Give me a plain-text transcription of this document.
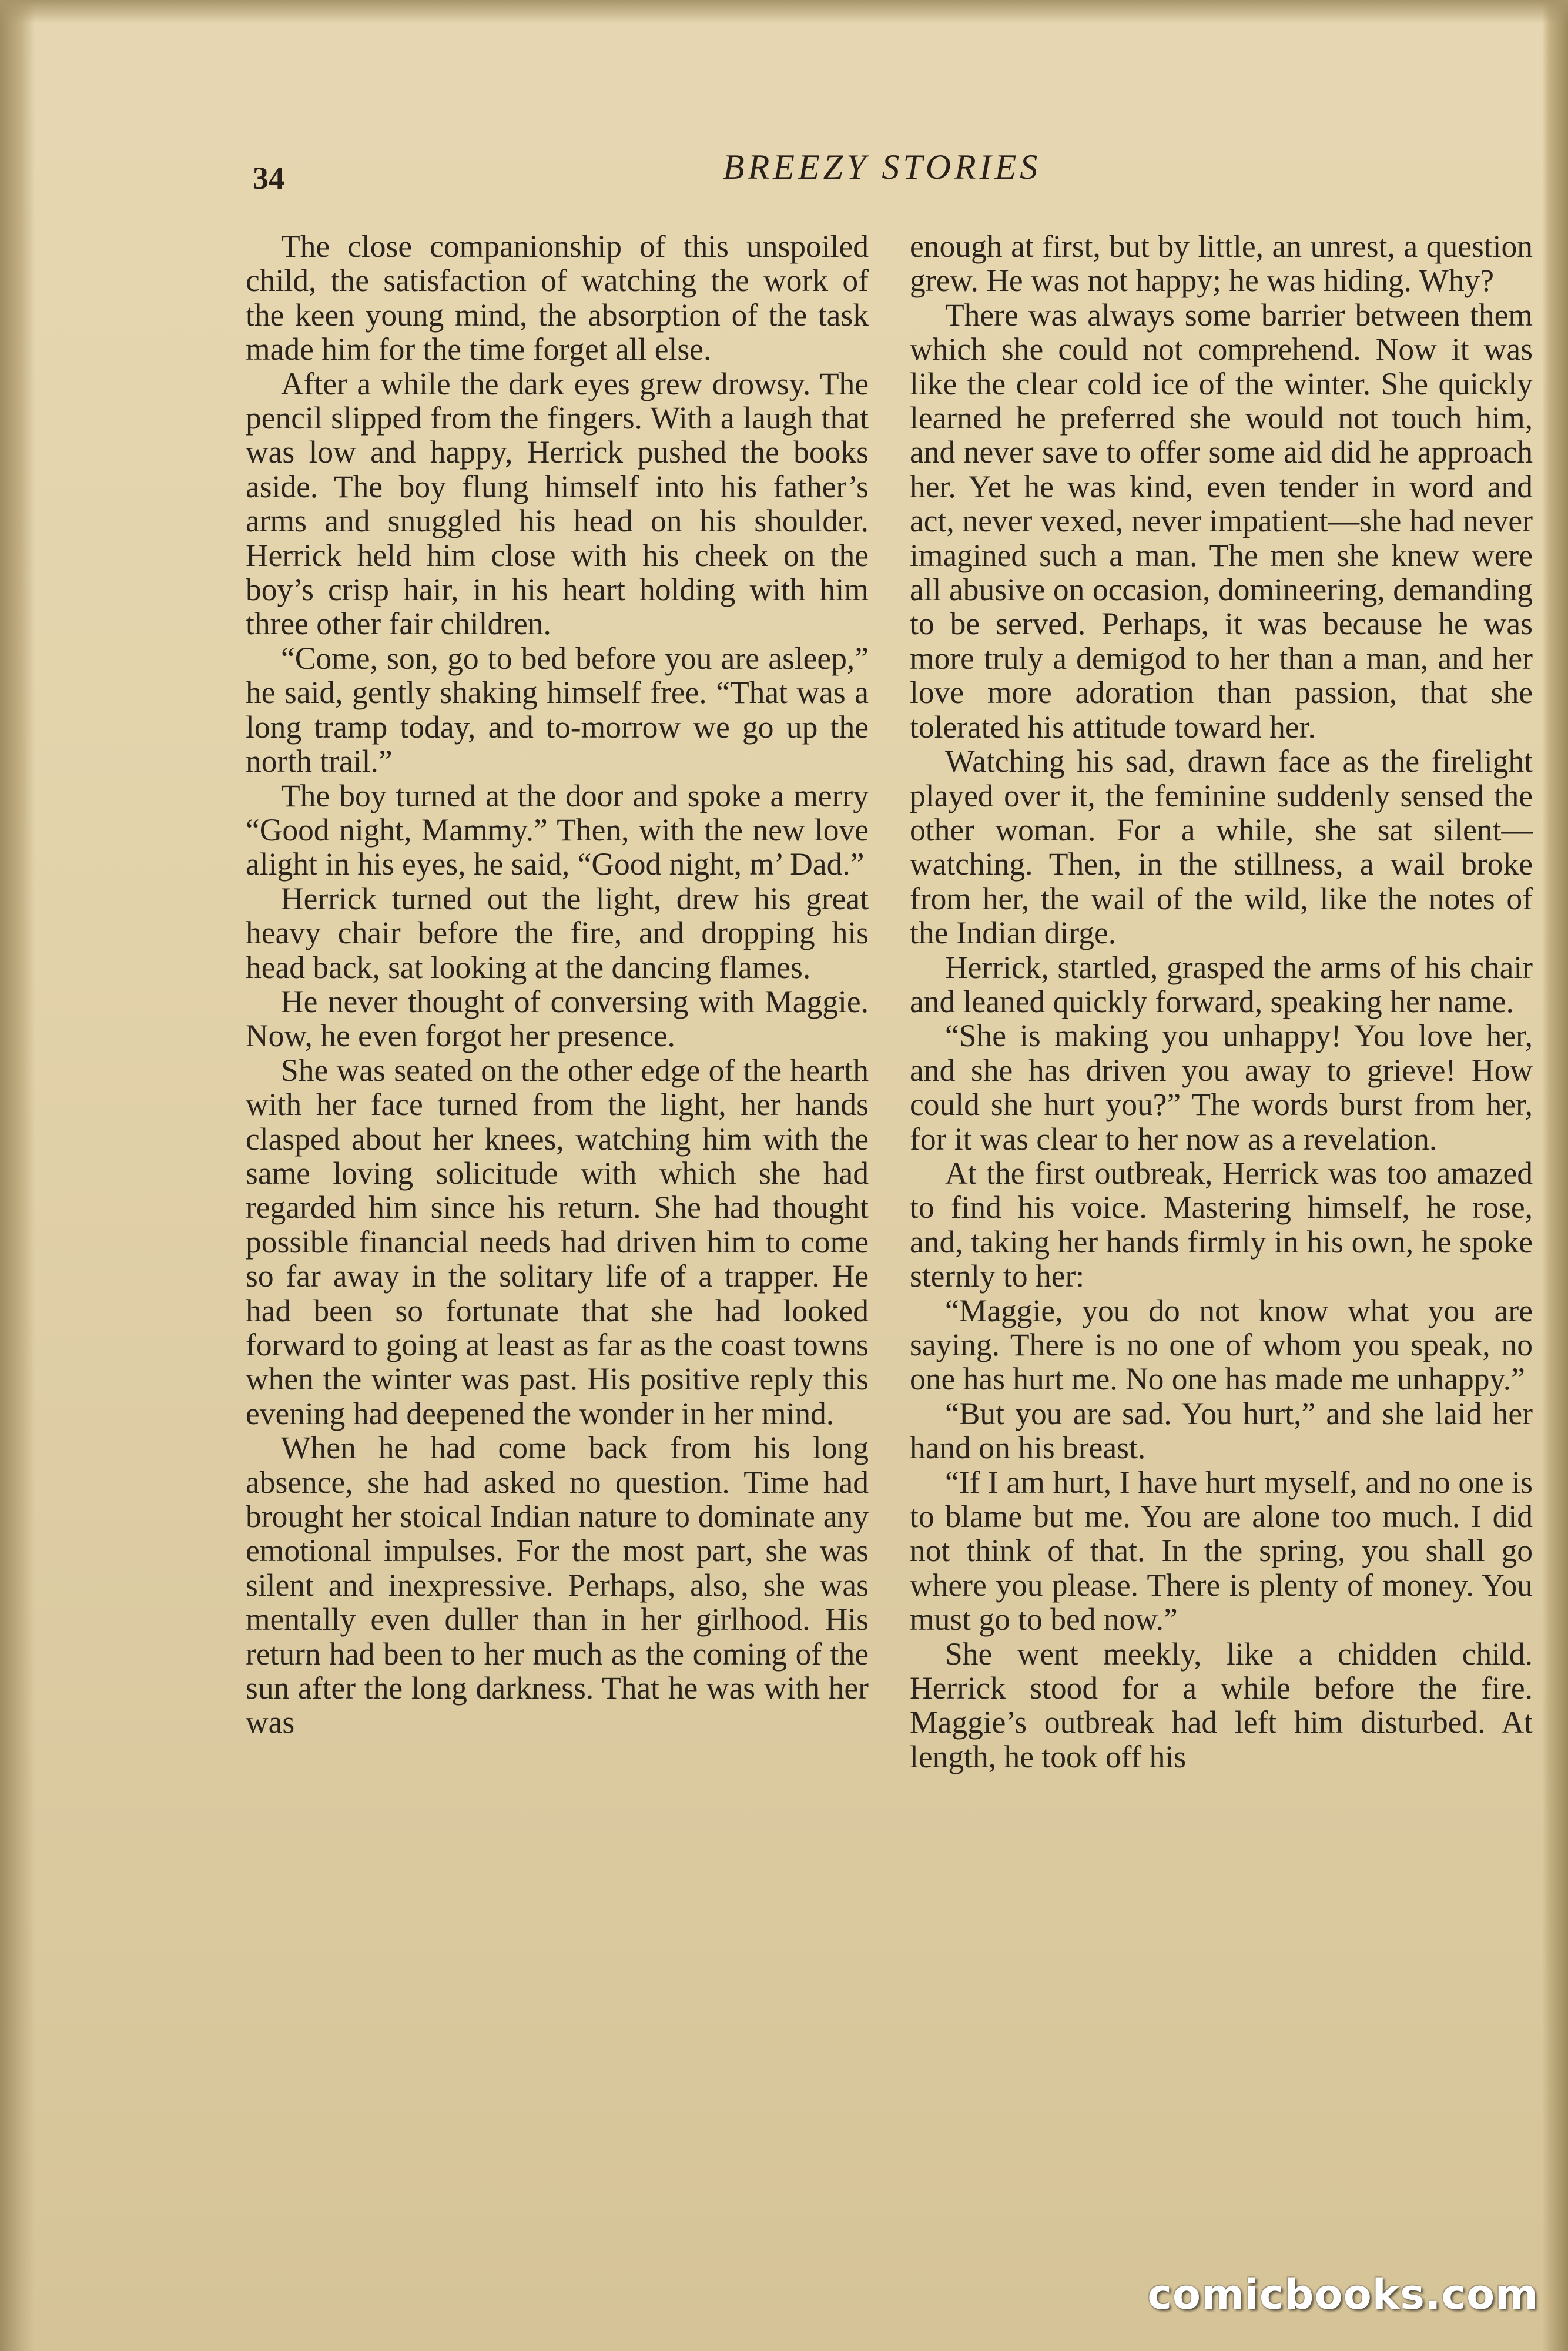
34	BREEZY STORIES

The close companionship of this unspoiled child, the satisfaction of watching the work of the keen young mind, the absorption of the task made him for the time forget all else.

After a while the dark eyes grew drowsy. The pencil slipped from the fingers. With a laugh that was low and happy, Herrick pushed the books aside. The boy flung himself into his father’s arms and snuggled his head on his shoulder. Herrick held him close with his cheek on the boy’s crisp hair, in his heart holding with him three other fair children.

“Come, son, go to bed before you are asleep,” he said, gently shaking himself free. “That was a long tramp today, and to-morrow we go up the north trail.”

The boy turned at the door and spoke a merry “Good night, Mammy.” Then, with the new love alight in his eyes, he said, “Good night, m’ Dad.”

Herrick turned out the light, drew his great heavy chair before the fire, and dropping his head back, sat looking at the dancing flames.

He never thought of conversing with Maggie. Now, he even forgot her presence.

She was seated on the other edge of the hearth with her face turned from the light, her hands clasped about her knees, watching him with the same loving solicitude with which she had regarded him since his return. She had thought possible financial needs had driven him to come so far away in the solitary life of a trapper. He had been so fortunate that she had looked forward to going at least as far as the coast towns when the winter was past. His positive reply this evening had deepened the wonder in her mind.

When he had come back from his long absence, she had asked no question. Time had brought her stoical Indian nature to dominate any emotional impulses. For the most part, she was silent and inexpressive. Perhaps, also, she was mentally even duller than in her girlhood. His return had been to her much as the coming of the sun after the long darkness. That he was with her was

enough at first, but by little, an unrest, a question grew. He was not happy; he was hiding. Why?

There was always some barrier between them which she could not comprehend. Now it was like the clear cold ice of the winter. She quickly learned he preferred she would not touch him, and never save to offer some aid did he approach her. Yet he was kind, even tender in word and act, never vexed, never impatient—she had never imagined such a man. The men she knew were all abusive on occasion, domineering, demanding to be served. Perhaps, it was because he was more truly a demigod to her than a man, and her love more adoration than passion, that she tolerated his attitude toward her.

Watching his sad, drawn face as the firelight played over it, the feminine suddenly sensed the other woman. For a while, she sat silent—watching. Then, in the stillness, a wail broke from her, the wail of the wild, like the notes of the Indian dirge.

Herrick, startled, grasped the arms of his chair and leaned quickly forward, speaking her name.

“She is making you unhappy! You love her, and she has driven you away to grieve! How could she hurt you?” The words burst from her, for it was clear to her now as a revelation.

At the first outbreak, Herrick was too amazed to find his voice. Mastering himself, he rose, and, taking her hands firmly in his own, he spoke sternly to her:

“Maggie, you do not know what you are saying. There is no one of whom you speak, no one has hurt me. No one has made me unhappy.”

“But you are sad. You hurt,” and she laid her hand on his breast.

“If I am hurt, I have hurt myself, and no one is to blame but me. You are alone too much. I did not think of that. In the spring, you shall go where you please. There is plenty of money. You must go to bed now.”

She went meekly, like a chidden child. Herrick stood for a while before the fire. Maggie’s outbreak had left him disturbed. At length, he took off his

comicbooks.com
